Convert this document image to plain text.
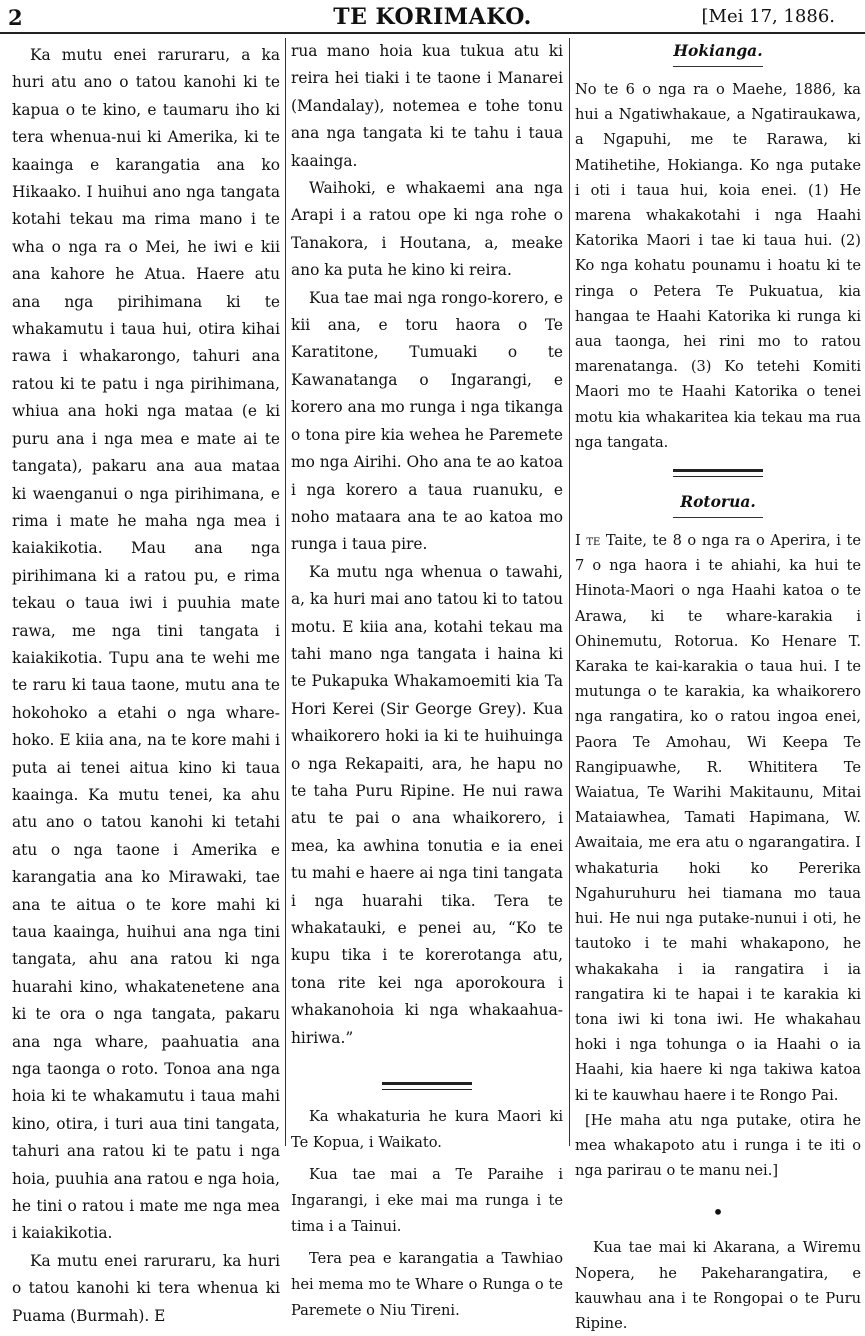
2	TE KORIMAKO.	[Mei 17, 1886.

Ka mutu enei raruraru, a ka huri atu ano o tatou kanohi ki te kapua o te kino, e taumaru iho ki tera whenua-nui ki Amerika, ki te kaainga e karangatia ana ko Hikaako. I huihui ano nga tangata kotahi tekau ma rima mano i te wha o nga ra o Mei, he iwi e kii ana kahore he Atua. Haere atu ana nga pirihimana ki te whakamutu i taua hui, otira kihai rawa i whakarongo, tahuri ana ratou ki te patu i nga pirihimana, whiua ana hoki nga mataa (e ki puru ana i nga mea e mate ai te tangata), pakaru ana aua mataa ki waenganui o nga pirihimana, e rima i mate he maha nga mea i kaiakikotia. Mau ana nga pirihimana ki a ratou pu, e rima tekau o taua iwi i puuhia mate rawa, me nga tini tangata i kaiakikotia. Tupu ana te wehi me te raru ki taua taone, mutu ana te hokohoko a etahi o nga whare-hoko. E kiia ana, na te kore mahi i puta ai tenei aitua kino ki taua kaainga. Ka mutu tenei, ka ahu atu ano o tatou kanohi ki tetahi atu o nga taone i Amerika e karangatia ana ko Mirawaki, tae ana te aitua o te kore mahi ki taua kaainga, huihui ana nga tini tangata, ahu ana ratou ki nga huarahi kino, whakatenetene ana ki te ora o nga tangata, pakaru ana nga whare, paahuatia ana nga taonga o roto. Tonoa ana nga hoia ki te whakamutu i taua mahi kino, otira, i turi aua tini tangata, tahuri ana ratou ki te patu i nga hoia, puuhia ana ratou e nga hoia, he tini o ratou i mate me nga mea i kaiakikotia.

Ka mutu enei raruraru, ka huri o tatou kanohi ki tera whenua ki Puama (Burmah). E

rua mano hoia kua tukua atu ki reira hei tiaki i te taone i Manarei (Mandalay), notemea e tohe tonu ana nga tangata ki te tahu i taua kaainga.

Waihoki, e whakaemi ana nga Arapi i a ratou ope ki nga rohe o Tanakora, i Houtana, a, meake ano ka puta he kino ki reira.

Kua tae mai nga rongo-korero, e kii ana, e toru haora o Te Karatitone, Tumuaki o te Kawanatanga o Ingarangi, e korero ana mo runga i nga tikanga o tona pire kia wehea he Paremete mo nga Airihi. Oho ana te ao katoa i nga korero a taua ruanuku, e noho mataara ana te ao katoa mo runga i taua pire.

Ka mutu nga whenua o tawahi, a, ka huri mai ano tatou ki to tatou motu. E kiia ana, kotahi tekau ma tahi mano nga tangata i haina ki te Pukapuka Whakamoemiti kia Ta Hori Kerei (Sir George Grey). Kua whaikorero hoki ia ki te huihuinga o nga Rekapaiti, ara, he hapu no te taha Puru Ripine. He nui rawa atu te pai o ana whaikorero, i mea, ka awhina tonutia e ia enei tu mahi e haere ai nga tini tangata i nga huarahi tika. Tera te whakatauki, e penei au, “Ko te kupu tika i te korerotanga atu, tona rite kei nga aporokoura i whakanohoia ki nga whakaahua-hiriwa.”

Ka whakaturia he kura Maori ki Te Kopua, i Waikato.

Kua tae mai a Te Paraihe i Ingarangi, i eke mai ma runga i te tima i a Tainui.

Tera pea e karangatia a Tawhiao hei mema mo te Whare o Runga o te Paremete o Niu Tireni.

Hokianga.

No te 6 o nga ra o Maehe, 1886, ka hui a Ngatiwhakaue, a Ngatiraukawa, a Ngapuhi, me te Rarawa, ki Matihetihe, Hokianga. Ko nga putake i oti i taua hui, koia enei. (1) He marena whakakotahi i nga Haahi Katorika Maori i tae ki taua hui. (2) Ko nga kohatu pounamu i hoatu ki te ringa o Petera Te Pukuatua, kia hangaa te Haahi Katorika ki runga ki aua taonga, hei rini mo to ratou marenatanga. (3) Ko tetehi Komiti Maori mo te Haahi Katorika o tenei motu kia whakaritea kia tekau ma rua nga tangata.

Rotorua.

I te Taite, te 8 o nga ra o Aperira, i te 7 o nga haora i te ahiahi, ka hui te Hinota-Maori o nga Haahi katoa o te Arawa, ki te whare-karakia i Ohinemutu, Rotorua. Ko Henare T. Karaka te kai-karakia o taua hui. I te mutunga o te karakia, ka whaikorero nga rangatira, ko o ratou ingoa enei, Paora Te Amohau, Wi Keepa Te Rangipuawhe, R. Whititera Te Waiatua, Te Warihi Makitaunu, Mitai Mataiawhea, Tamati Hapimana, W. Awaitaia, me era atu o ngarangatira. I whakaturia hoki ko Pererika Ngahuruhuru hei tiamana mo taua hui. He nui nga putake-nunui i oti, he tautoko i te mahi whakapono, he whakakaha i ia rangatira i ia rangatira ki te hapai i te karakia ki tona iwi ki tona iwi. He whakahau hoki i nga tohunga o ia Haahi o ia Haahi, kia haere ki nga takiwa katoa ki te kauwhau haere i te Rongo Pai.

[He maha atu nga putake, otira he mea whakapoto atu i runga i te iti o nga parirau o te manu nei.]

•

Kua tae mai ki Akarana, a Wiremu Nopera, he Pakeharangatira, e kauwhau ana i te Rongopai o te Puru Ripine.
